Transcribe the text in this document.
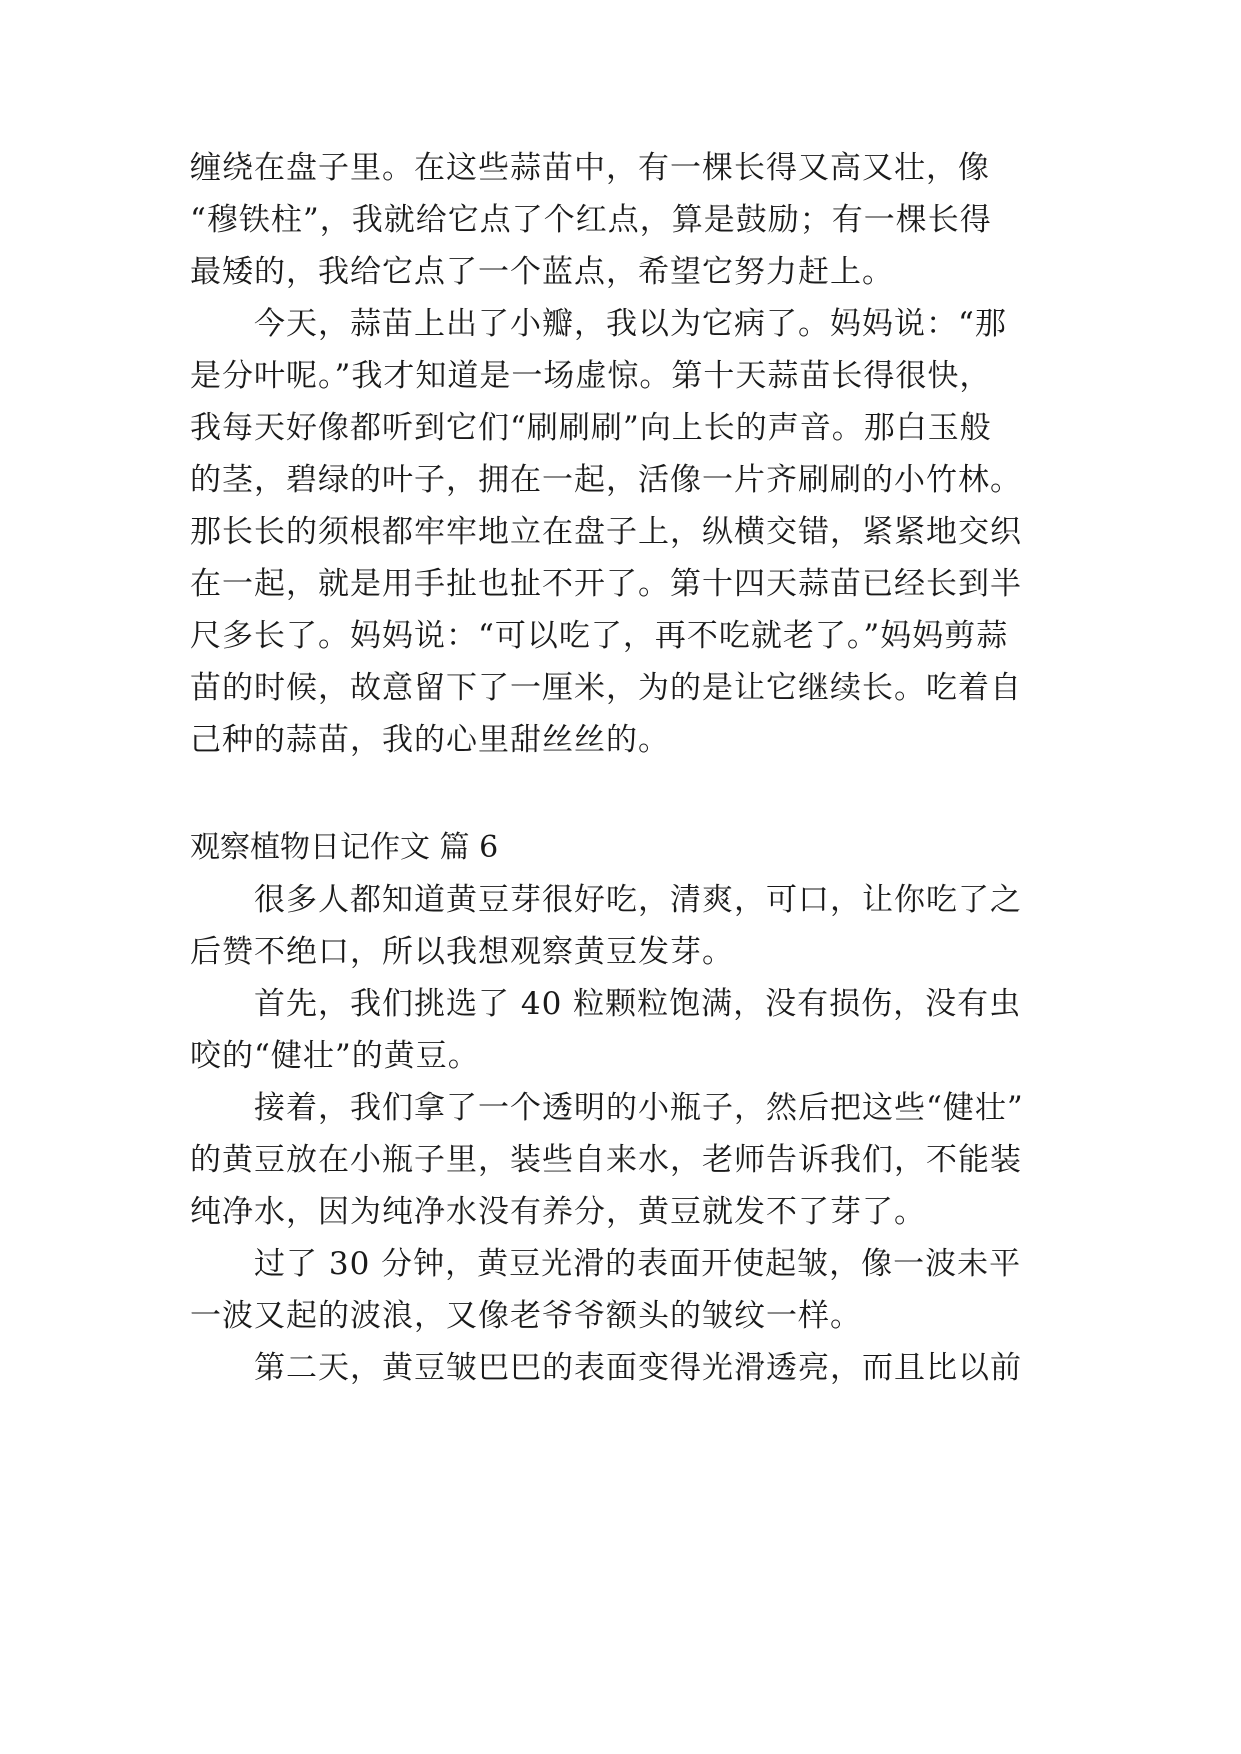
缠绕在盘子里。在这些蒜苗中，有一棵长得又高又壮，像
“穆铁柱”，我就给它点了个红点，算是鼓励；有一棵长得
最矮的，我给它点了一个蓝点，希望它努力赶上。
今天，蒜苗上出了小瓣，我以为它病了。妈妈说：“那
是分叶呢。”我才知道是一场虚惊。第十天蒜苗长得很快，
我每天好像都听到它们“刷刷刷”向上长的声音。那白玉般
的茎，碧绿的叶子，拥在一起，活像一片齐刷刷的小竹林。
那长长的须根都牢牢地立在盘子上，纵横交错，紧紧地交织
在一起，就是用手扯也扯不开了。第十四天蒜苗已经长到半
尺多长了。妈妈说：“可以吃了，再不吃就老了。”妈妈剪蒜
苗的时候，故意留下了一厘米，为的是让它继续长。吃着自
己种的蒜苗，我的心里甜丝丝的。
观察植物日记作文 篇 6
很多人都知道黄豆芽很好吃，清爽，可口，让你吃了之
后赞不绝口，所以我想观察黄豆发芽。
首先，我们挑选了 40 粒颗粒饱满，没有损伤，没有虫
咬的“健壮”的黄豆。
接着，我们拿了一个透明的小瓶子，然后把这些“健壮”
的黄豆放在小瓶子里，装些自来水，老师告诉我们，不能装
纯净水，因为纯净水没有养分，黄豆就发不了芽了。
过了 30 分钟，黄豆光滑的表面开使起皱，像一波未平
一波又起的波浪，又像老爷爷额头的皱纹一样。
第二天，黄豆皱巴巴的表面变得光滑透亮，而且比以前
